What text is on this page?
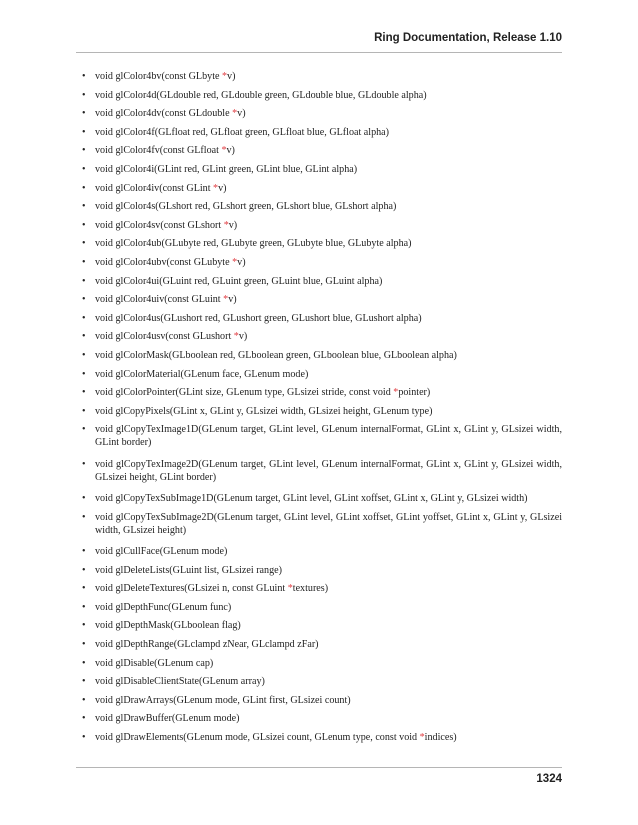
Ring Documentation, Release 1.10
• void glColor4bv(const GLbyte *v)
• void glColor4d(GLdouble red, GLdouble green, GLdouble blue, GLdouble alpha)
• void glColor4dv(const GLdouble *v)
• void glColor4f(GLfloat red, GLfloat green, GLfloat blue, GLfloat alpha)
• void glColor4fv(const GLfloat *v)
• void glColor4i(GLint red, GLint green, GLint blue, GLint alpha)
• void glColor4iv(const GLint *v)
• void glColor4s(GLshort red, GLshort green, GLshort blue, GLshort alpha)
• void glColor4sv(const GLshort *v)
• void glColor4ub(GLubyte red, GLubyte green, GLubyte blue, GLubyte alpha)
• void glColor4ubv(const GLubyte *v)
• void glColor4ui(GLuint red, GLuint green, GLuint blue, GLuint alpha)
• void glColor4uiv(const GLuint *v)
• void glColor4us(GLushort red, GLushort green, GLushort blue, GLushort alpha)
• void glColor4usv(const GLushort *v)
• void glColorMask(GLboolean red, GLboolean green, GLboolean blue, GLboolean alpha)
• void glColorMaterial(GLenum face, GLenum mode)
• void glColorPointer(GLint size, GLenum type, GLsizei stride, const void *pointer)
• void glCopyPixels(GLint x, GLint y, GLsizei width, GLsizei height, GLenum type)
• void glCopyTexImage1D(GLenum target, GLint level, GLenum internalFormat, GLint x, GLint y, GLsizei width, GLint border)
• void glCopyTexImage2D(GLenum target, GLint level, GLenum internalFormat, GLint x, GLint y, GLsizei width, GLsizei height, GLint border)
• void glCopyTexSubImage1D(GLenum target, GLint level, GLint xoffset, GLint x, GLint y, GLsizei width)
• void glCopyTexSubImage2D(GLenum target, GLint level, GLint xoffset, GLint yoffset, GLint x, GLint y, GLsizei width, GLsizei height)
• void glCullFace(GLenum mode)
• void glDeleteLists(GLuint list, GLsizei range)
• void glDeleteTextures(GLsizei n, const GLuint *textures)
• void glDepthFunc(GLenum func)
• void glDepthMask(GLboolean flag)
• void glDepthRange(GLclampd zNear, GLclampd zFar)
• void glDisable(GLenum cap)
• void glDisableClientState(GLenum array)
• void glDrawArrays(GLenum mode, GLint first, GLsizei count)
• void glDrawBuffer(GLenum mode)
• void glDrawElements(GLenum mode, GLsizei count, GLenum type, const void *indices)
1324
